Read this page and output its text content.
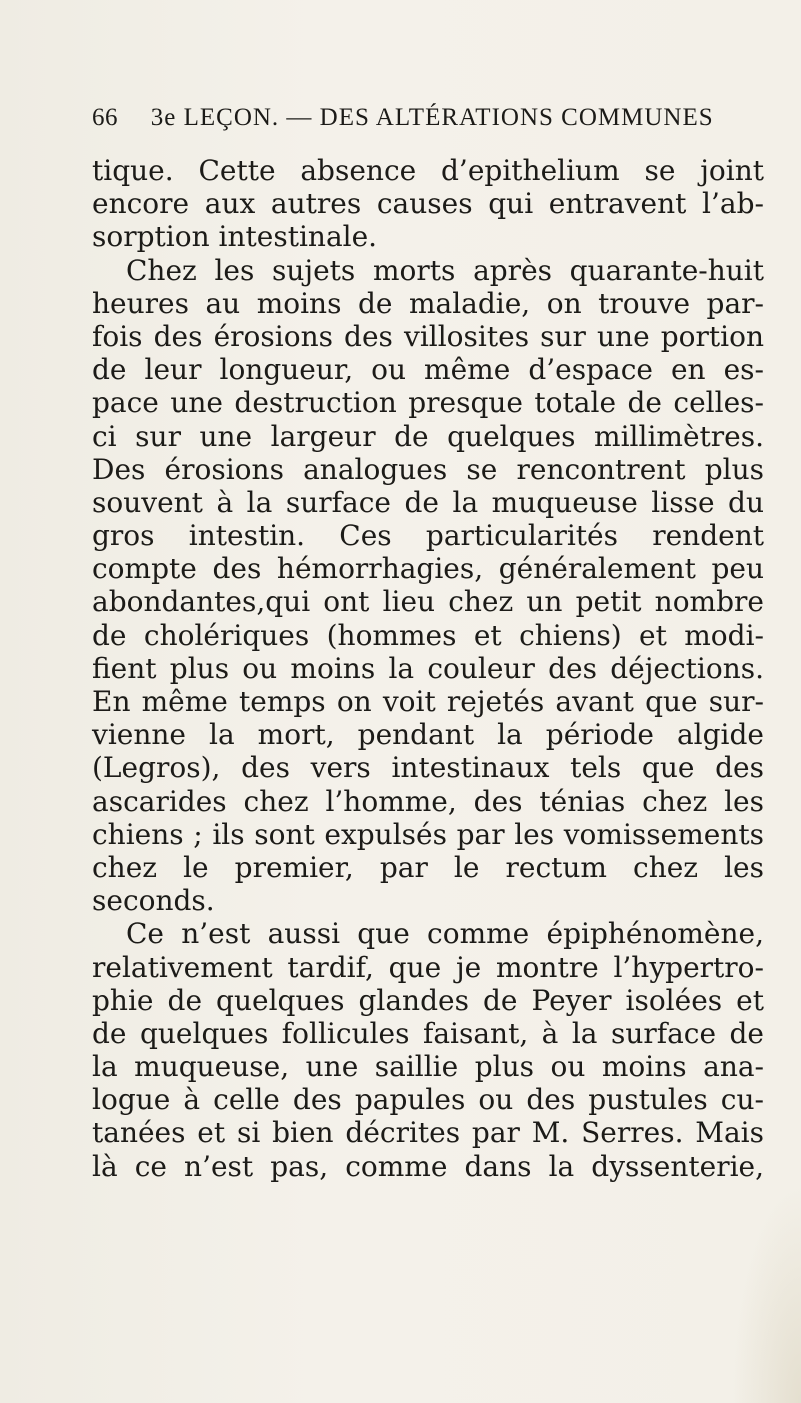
66 3e LEÇON. — DES ALTÉRATIONS COMMUNES
tique. Cette absence d’epithelium se joint
encore aux autres causes qui entravent l’ab-
sorption intestinale.
Chez les sujets morts après quarante-huit
heures au moins de maladie, on trouve par-
fois des érosions des villosites sur une portion
de leur longueur, ou même d’espace en es-
pace une destruction presque totale de celles-
ci sur une largeur de quelques millimètres.
Des érosions analogues se rencontrent plus
souvent à la surface de la muqueuse lisse du
gros intestin. Ces particularités rendent
compte des hémorrhagies, généralement peu
abondantes,qui ont lieu chez un petit nombre
de cholériques (hommes et chiens) et modi-
fient plus ou moins la couleur des déjections.
En même temps on voit rejetés avant que sur-
vienne la mort, pendant la période algide
(Legros), des vers intestinaux tels que des
ascarides chez l’homme, des ténias chez les
chiens ; ils sont expulsés par les vomissements
chez le premier, par le rectum chez les
seconds.
Ce n’est aussi que comme épiphénomène,
relativement tardif, que je montre l’hypertro-
phie de quelques glandes de Peyer isolées et
de quelques follicules faisant, à la surface de
la muqueuse, une saillie plus ou moins ana-
logue à celle des papules ou des pustules cu-
tanées et si bien décrites par M. Serres. Mais
là ce n’est pas, comme dans la dyssenterie,
